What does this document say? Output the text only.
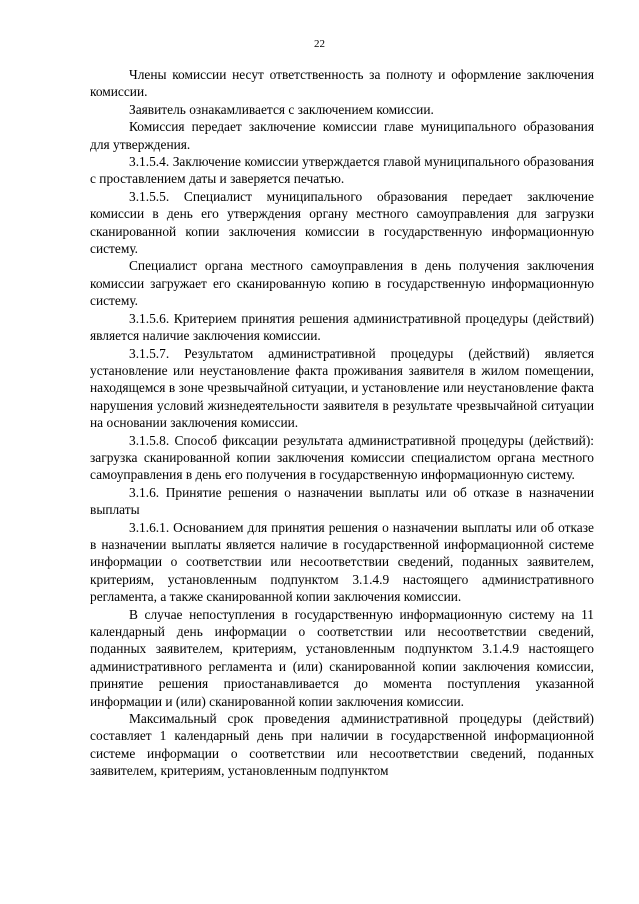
22

Члены комиссии несут ответственность за полноту и оформление заключения комиссии.

Заявитель ознакамливается с заключением комиссии.

Комиссия передает заключение комиссии главе муниципального образования для утверждения.

3.1.5.4. Заключение комиссии утверждается главой муниципального образования с проставлением даты и заверяется печатью.

3.1.5.5. Специалист муниципального образования передает заключение комиссии в день его утверждения органу местного самоуправления для загрузки сканированной копии заключения комиссии в государственную информационную систему.

Специалист органа местного самоуправления в день получения заключения комиссии загружает его сканированную копию в государственную информационную систему.

3.1.5.6. Критерием принятия решения административной процедуры (действий) является наличие заключения комиссии.

3.1.5.7. Результатом административной процедуры (действий) является установление или неустановление факта проживания заявителя в жилом помещении, находящемся в зоне чрезвычайной ситуации, и установление или неустановление факта нарушения условий жизнедеятельности заявителя в результате чрезвычайной ситуации на основании заключения комиссии.

3.1.5.8. Способ фиксации результата административной процедуры (действий): загрузка сканированной копии заключения комиссии специалистом органа местного самоуправления в день его получения в государственную информационную систему.

3.1.6. Принятие решения о назначении выплаты или об отказе в назначении выплаты

3.1.6.1. Основанием для принятия решения о назначении выплаты или об отказе в назначении выплаты является наличие в государственной информационной системе информации о соответствии или несоответствии сведений, поданных заявителем, критериям, установленным подпунктом 3.1.4.9 настоящего административного регламента, а также сканированной копии заключения комиссии.

В случае непоступления в государственную информационную систему на 11 календарный день информации о соответствии или несоответствии сведений, поданных заявителем, критериям, установленным подпунктом 3.1.4.9 настоящего административного регламента и (или) сканированной копии заключения комиссии, принятие решения приостанавливается до момента поступления указанной информации и (или) сканированной копии заключения комиссии.

Максимальный срок проведения административной процедуры (действий) составляет 1 календарный день при наличии в государственной информационной системе информации о соответствии или несоответствии сведений, поданных заявителем, критериям, установленным подпунктом
